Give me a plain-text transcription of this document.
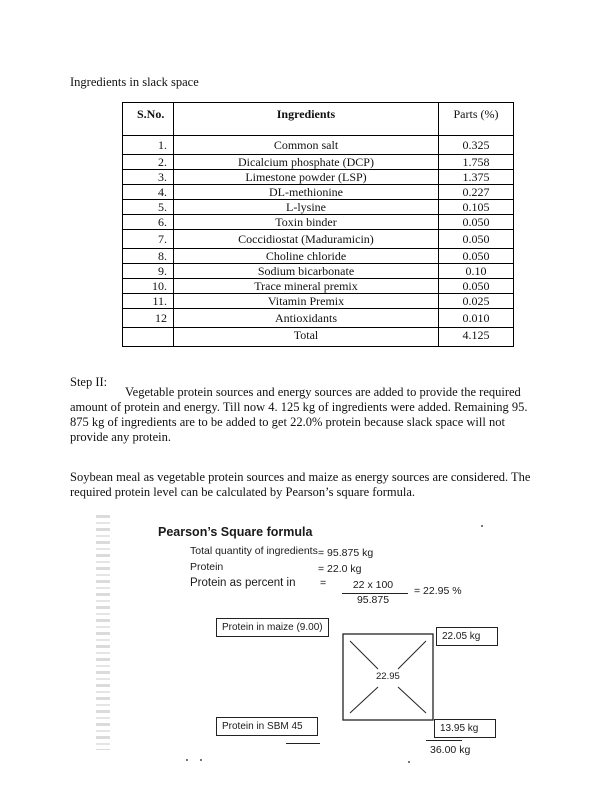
Ingredients in slack space
S.No.	Ingredients	Parts (%)
1.	Common salt	0.325
2.	Dicalcium phosphate (DCP)	1.758
3.	Limestone powder (LSP)	1.375
4.	DL-methionine	0.227
5.	L-lysine	0.105
6.	Toxin binder	0.050
7.	Coccidiostat (Maduramicin)	0.050
8.	Choline chloride	0.050
9.	Sodium bicarbonate	0.10
10.	Trace mineral premix	0.050
11.	Vitamin Premix	0.025
12	Antioxidants	0.010
	Total	4.125
Step II:
Vegetable protein sources and energy sources are added to provide the required amount of protein and energy. Till now 4. 125 kg of ingredients were added. Remaining 95. 875 kg of ingredients are to be added to get 22.0% protein because slack space will not provide any protein.
Soybean meal as vegetable protein sources and maize as energy sources are considered. The required protein level can be calculated by Pearson’s square formula.
Pearson’s Square formula
Total quantity of ingredients = 95.875 kg
Protein	= 22.0 kg
Protein as percent in =	22 x 100
95.875
= 22.95 %
Protein in maize (9.00)
22.05 kg
22.95
Protein in SBM 45	13.95 kg
36.00 kg
